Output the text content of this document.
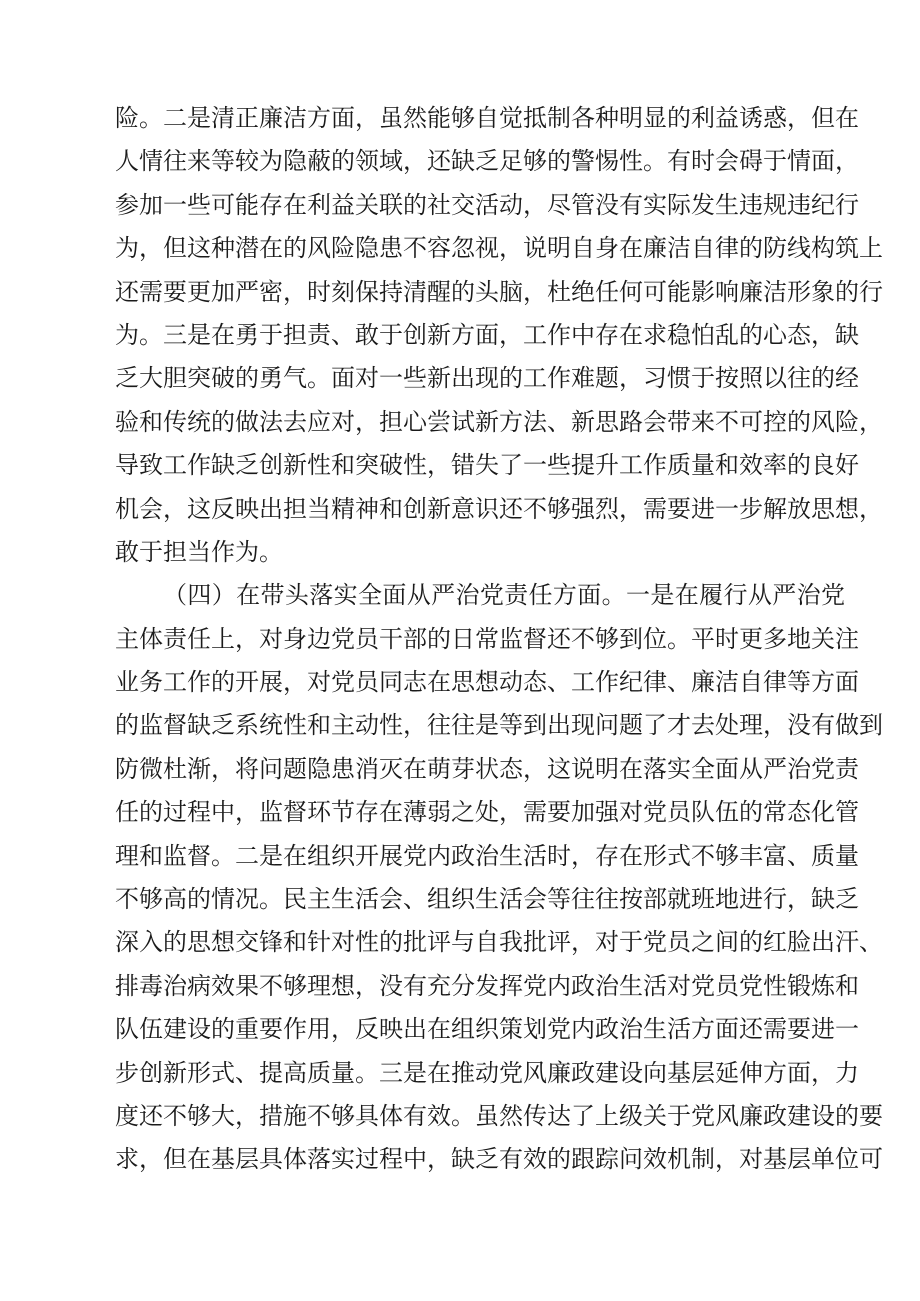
险。二是清正廉洁方面，虽然能够自觉抵制各种明显的利益诱惑，但在
人情往来等较为隐蔽的领域，还缺乏足够的警惕性。有时会碍于情面，
参加一些可能存在利益关联的社交活动，尽管没有实际发生违规违纪行
为，但这种潜在的风险隐患不容忽视，说明自身在廉洁自律的防线构筑上
还需要更加严密，时刻保持清醒的头脑，杜绝任何可能影响廉洁形象的行
为。三是在勇于担责、敢于创新方面，工作中存在求稳怕乱的心态，缺
乏大胆突破的勇气。面对一些新出现的工作难题，习惯于按照以往的经
验和传统的做法去应对，担心尝试新方法、新思路会带来不可控的风险，
导致工作缺乏创新性和突破性，错失了一些提升工作质量和效率的良好
机会，这反映出担当精神和创新意识还不够强烈，需要进一步解放思想，
敢于担当作为。
（四）在带头落实全面从严治党责任方面。一是在履行从严治党
主体责任上，对身边党员干部的日常监督还不够到位。平时更多地关注
业务工作的开展，对党员同志在思想动态、工作纪律、廉洁自律等方面
的监督缺乏系统性和主动性，往往是等到出现问题了才去处理，没有做到
防微杜渐，将问题隐患消灭在萌芽状态，这说明在落实全面从严治党责
任的过程中，监督环节存在薄弱之处，需要加强对党员队伍的常态化管
理和监督。二是在组织开展党内政治生活时，存在形式不够丰富、质量
不够高的情况。民主生活会、组织生活会等往往按部就班地进行，缺乏
深入的思想交锋和针对性的批评与自我批评，对于党员之间的红脸出汗、
排毒治病效果不够理想，没有充分发挥党内政治生活对党员党性锻炼和
队伍建设的重要作用，反映出在组织策划党内政治生活方面还需要进一
步创新形式、提高质量。三是在推动党风廉政建设向基层延伸方面，力
度还不够大，措施不够具体有效。虽然传达了上级关于党风廉政建设的要
求，但在基层具体落实过程中，缺乏有效的跟踪问效机制，对基层单位可
